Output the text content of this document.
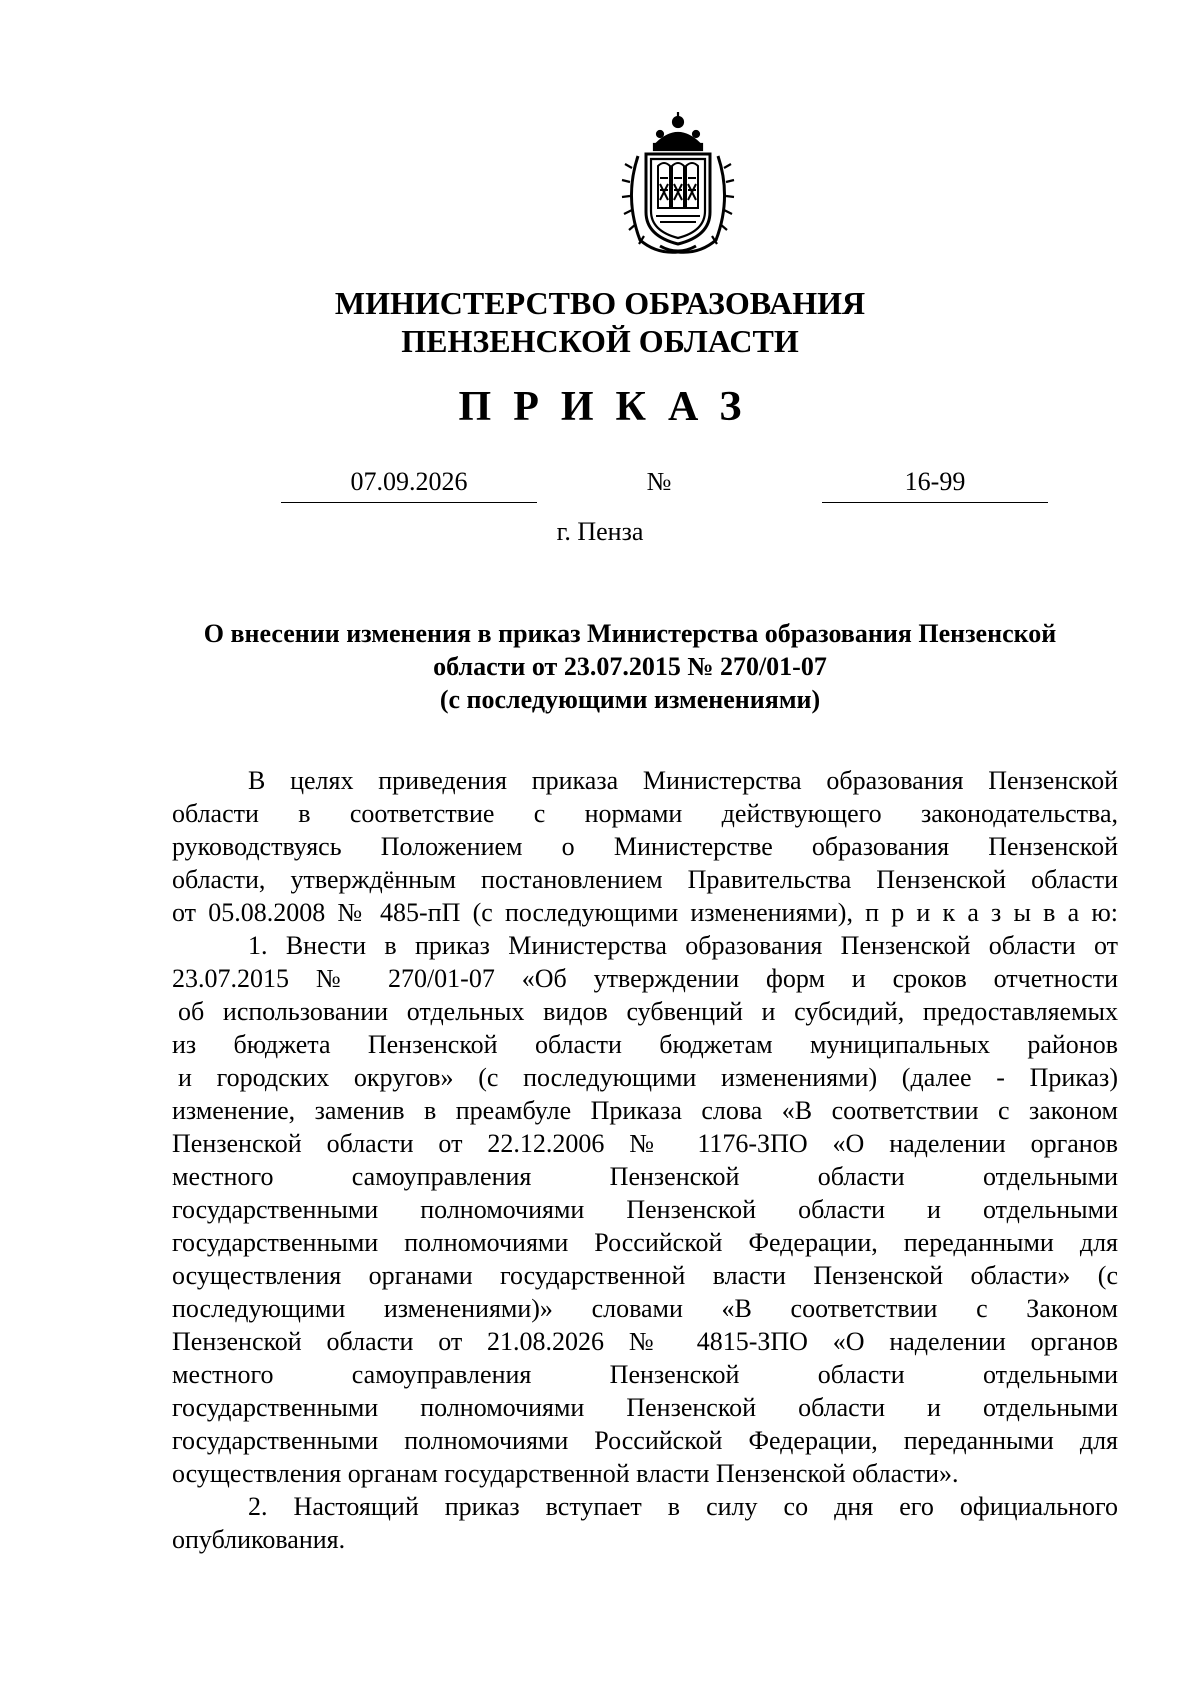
МИНИСТЕРСТВО ОБРАЗОВАНИЯ
ПЕНЗЕНСКОЙ ОБЛАСТИ
ПРИКАЗ
07.09.2026	№	16-99
г. Пенза
О внесении изменения в приказ Министерства образования Пензенской
области от 23.07.2015 № 270/01-07
(с последующими изменениями)
В целях приведения приказа Министерства образования Пензенской
области в соответствие с нормами действующего законодательства,
руководствуясь Положением о Министерстве образования Пензенской
области, утверждённым постановлением Правительства Пензенской области
от 05.08.2008 № 485-пП (с последующими изменениями), п р и к а з ы в а ю:
1. Внести в приказ Министерства образования Пензенской области от
23.07.2015 № 270/01-07 «Об утверждении форм и сроков отчетности
об использовании отдельных видов субвенций и субсидий, предоставляемых
из бюджета Пензенской области бюджетам муниципальных районов
и городских округов» (с последующими изменениями) (далее - Приказ)
изменение, заменив в преамбуле Приказа слова «В соответствии с законом
Пензенской области от 22.12.2006 № 1176-ЗПО «О наделении органов
местного самоуправления Пензенской области отдельными
государственными полномочиями Пензенской области и отдельными
государственными полномочиями Российской Федерации, переданными для
осуществления органами государственной власти Пензенской области» (с
последующими изменениями)» словами «В соответствии с Законом
Пензенской области от 21.08.2026 № 4815-ЗПО «О наделении органов
местного самоуправления Пензенской области отдельными
государственными полномочиями Пензенской области и отдельными
государственными полномочиями Российской Федерации, переданными для
осуществления органам государственной власти Пензенской области».
2. Настоящий приказ вступает в силу со дня его официального
опубликования.
